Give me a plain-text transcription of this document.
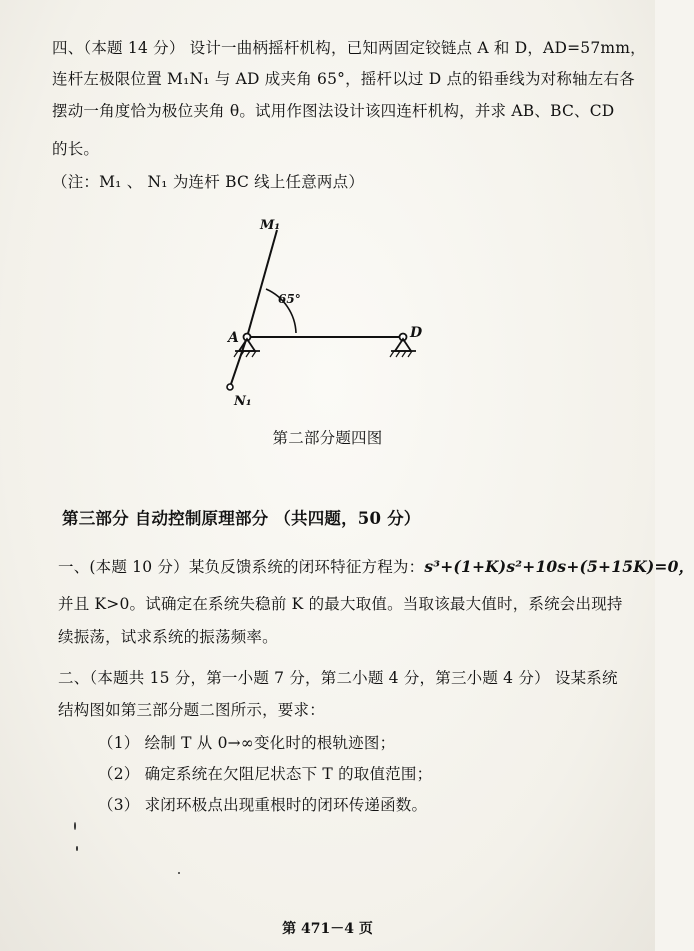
四、（本题 14 分） 设计一曲柄摇杆机构，已知两固定铰链点 A 和 D，AD=57mm，
连杆左极限位置 M₁N₁ 与 AD 成夹角 65°，摇杆以过 D 点的铅垂线为对称轴左右各
摆动一角度恰为极位夹角 θ。试用作图法设计该四连杆机构，并求 AB、BC、CD
的长。
（注：M₁ 、 N₁ 为连杆 BC 线上任意两点）
M₁
N₁
A	D
65°
第二部分题四图
第三部分 自动控制原理部分 （共四题，50 分）
一、(本题 10 分）某负反馈系统的闭环特征方程为：s³+(1+K)s²+10s+(5+15K)=0，
并且 K>0。试确定在系统失稳前 K 的最大取值。当取该最大值时，系统会出现持
续振荡，试求系统的振荡频率。
二、（本题共 15 分，第一小题 7 分，第二小题 4 分，第三小题 4 分） 设某系统
结构图如第三部分题二图所示，要求：
（1） 绘制 T 从 0→∞变化时的根轨迹图；
（2） 确定系统在欠阻尼状态下 T 的取值范围；
（3） 求闭环极点出现重根时的闭环传递函数。
第 471－4 页
